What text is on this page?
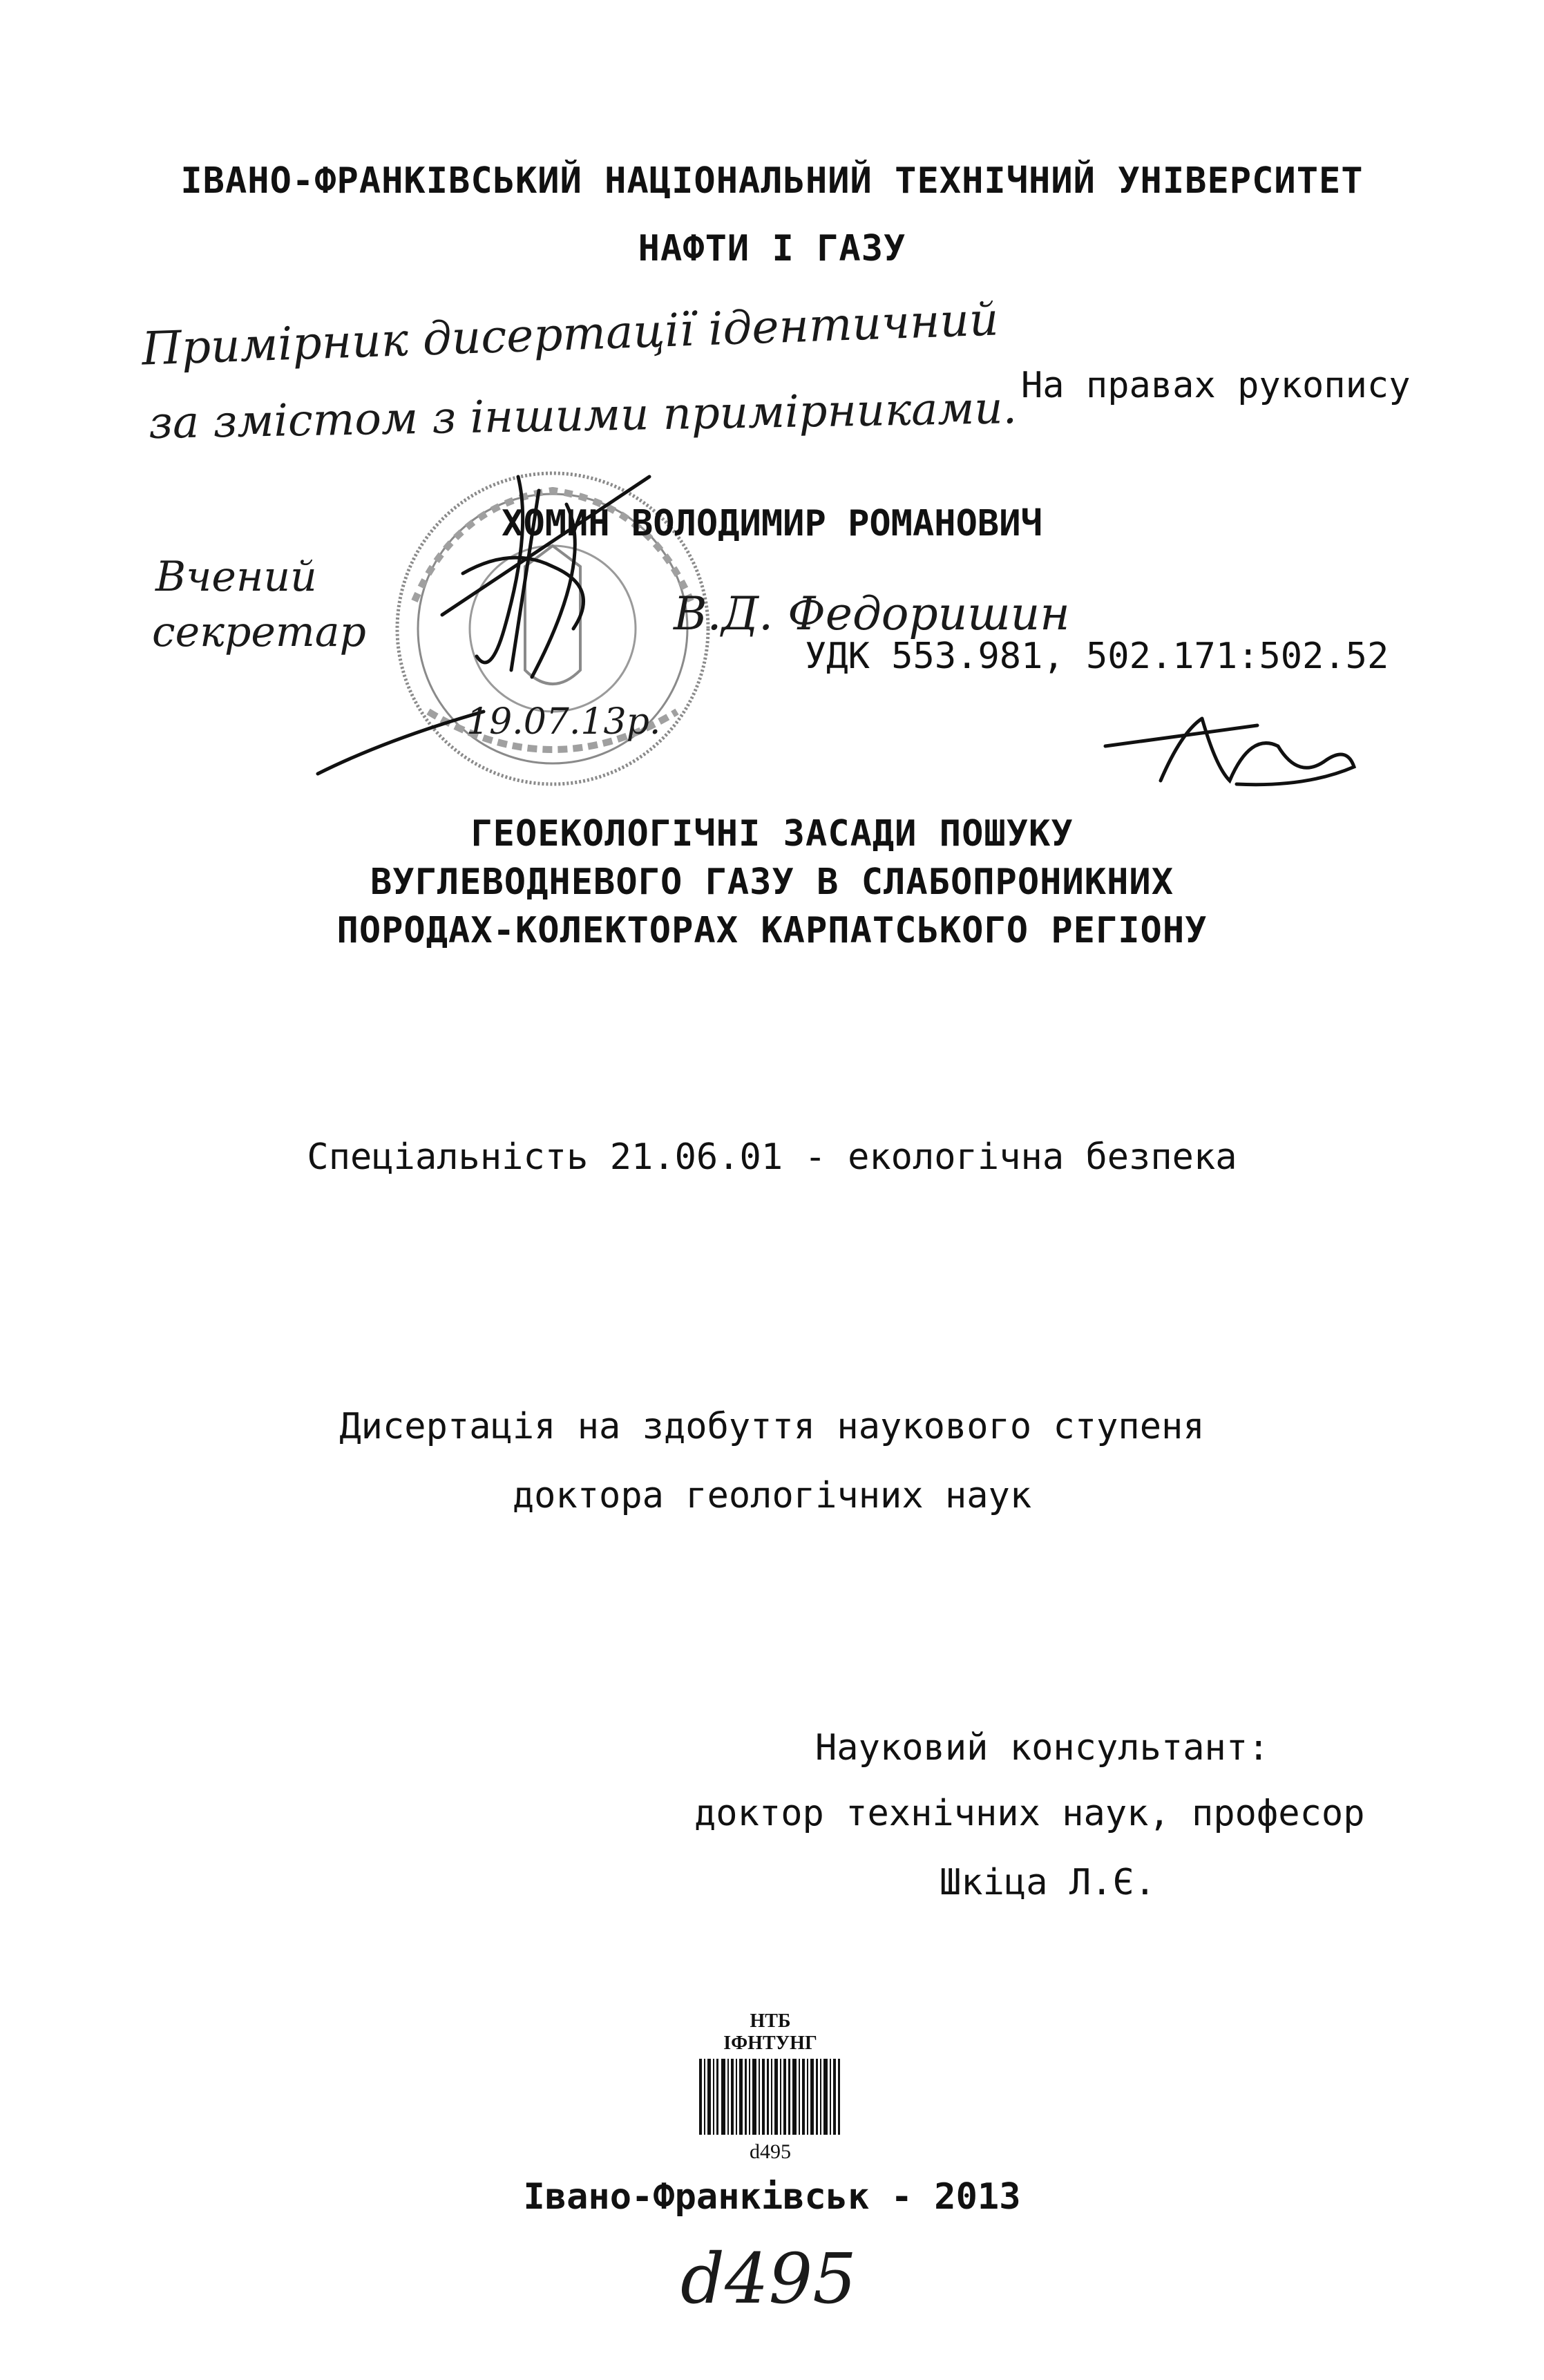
ІВАНО-ФРАНКІВСЬКИЙ НАЦІОНАЛЬНИЙ ТЕХНІЧНИЙ УНІВЕРСИТЕТ
НАФТИ І ГАЗУ
Примірник дисертації ідентичний
за змістом з іншими примірниками. На правах рукопису
ХОМИН ВОЛОДИМИР РОМАНОВИЧ
Вчений
секретар	В.Д. Федоришин
19.07.13р.
УДК 553.981, 502.171:502.52
ГЕОЕКОЛОГІЧНІ ЗАСАДИ ПОШУКУ
ВУГЛЕВОДНЕВОГО ГАЗУ В СЛАБОПРОНИКНИХ
ПОРОДАХ-КОЛЕКТОРАХ КАРПАТСЬКОГО РЕГІОНУ
Спеціальність 21.06.01 - екологічна безпека
Дисертація на здобуття наукового ступеня
доктора геологічних наук
Науковий консультант:
доктор технічних наук, професор
Шкіца Л.Є.
НТБ
ІФНТУНГ
d495
Івано-Франківськ - 2013
d495
